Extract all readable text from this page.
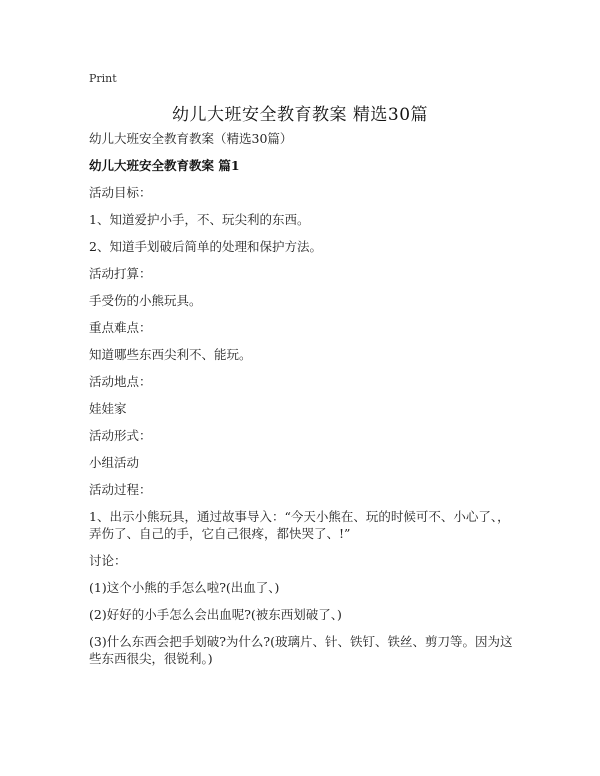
Print
幼儿大班安全教育教案 精选30篇

幼儿大班安全教育教案（精选30篇）

幼儿大班安全教育教案 篇1

活动目标：

1、知道爱护小手，不、玩尖利的东西。

2、知道手划破后简单的处理和保护方法。

活动打算：

手受伤的小熊玩具。

重点难点：

知道哪些东西尖利不、能玩。

活动地点：

娃娃家

活动形式：

小组活动

活动过程：

1、出示小熊玩具，通过故事导入：“今天小熊在、玩的时候可不、小心了、，弄伤了、自己的手，它自己很疼，都快哭了、!”

讨论：

(1)这个小熊的手怎么啦?(出血了、)

(2)好好的小手怎么会出血呢?(被东西划破了、)

(3)什么东西会把手划破?为什么?(玻璃片、针、铁钉、铁丝、剪刀等。因为这些东西很尖，很锐利。)
